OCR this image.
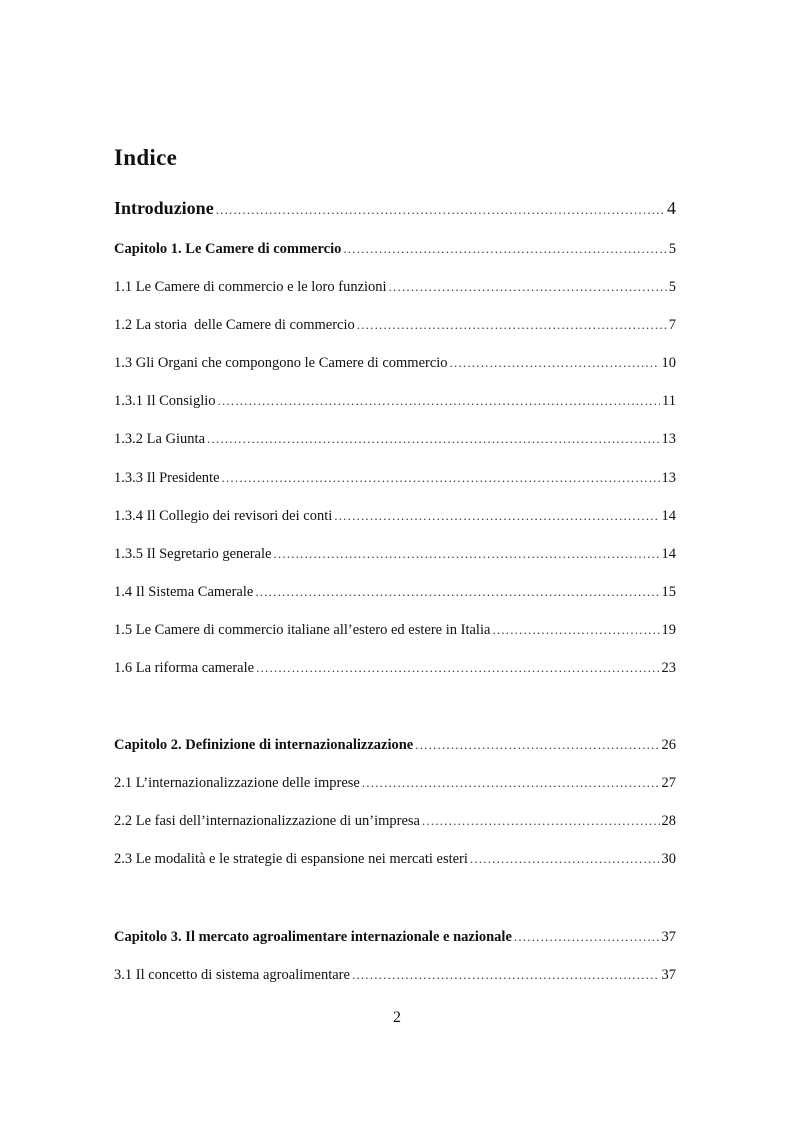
Indice
Introduzione .....	4
Capitolo 1. Le Camere di commercio .....	5
1.1 Le Camere di commercio e le loro funzioni .....	5
1.2 La storia  delle Camere di commercio .....	7
1.3 Gli Organi che compongono le Camere di commercio .....	10
1.3.1 Il Consiglio .....	11
1.3.2 La Giunta .....	13
1.3.3 Il Presidente .....	13
1.3.4 Il Collegio dei revisori dei conti .....	14
1.3.5 Il Segretario generale .....	14
1.4 Il Sistema Camerale .....	15
1.5 Le Camere di commercio italiane all’estero ed estere in Italia .....	19
1.6 La riforma camerale .....	23
Capitolo 2. Definizione di internazionalizzazione .....	26
2.1 L’internazionalizzazione delle imprese .....	27
2.2 Le fasi dell’internazionalizzazione di un’impresa .....	28
2.3 Le modalità e le strategie di espansione nei mercati esteri .....	30
Capitolo 3. Il mercato agroalimentare internazionale e nazionale .....	37
3.1 Il concetto di sistema agroalimentare .....	37
2
